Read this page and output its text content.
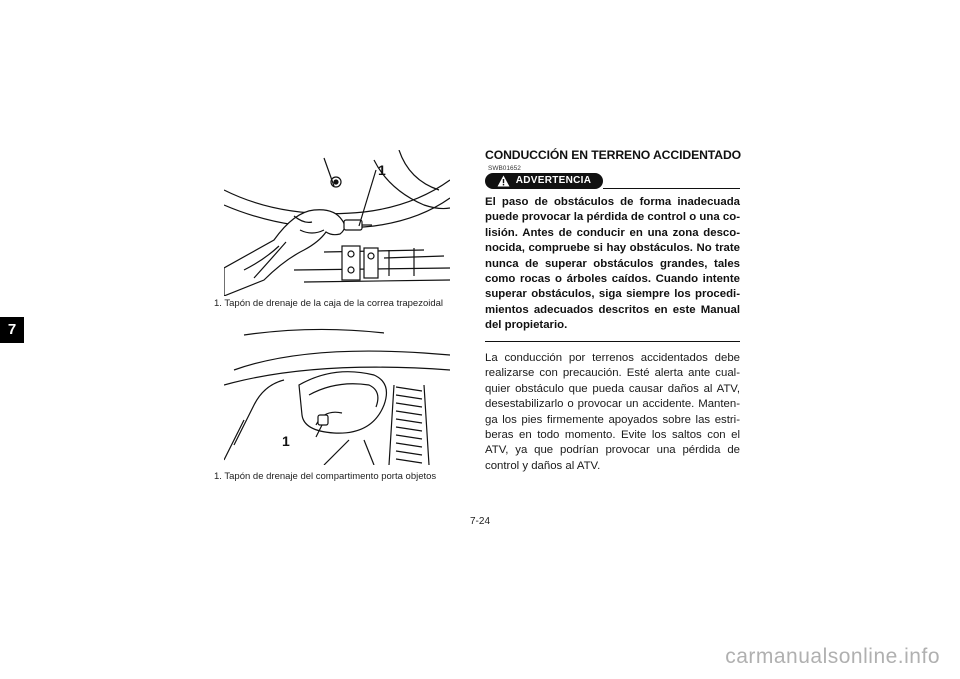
7
1
1. Tapón de drenaje de la caja de la correa trapezoidal
1
1. Tapón de drenaje del compartimento porta objetos
CONDUCCIÓN EN TERRENO ACCIDENTADO
SWB01652
ADVERTENCIA

El paso de obstáculos de forma inadecuada puede provocar la pérdida de control o una co-lisión. Antes de conducir en una zona desco-nocida, compruebe si hay obstáculos. No trate nunca de superar obstáculos grandes, tales como rocas o árboles caídos. Cuando intente superar obstáculos, siga siempre los procedi-mientos adecuados descritos en este Manual del propietario.

La conducción por terrenos accidentados debe realizarse con precaución. Esté alerta ante cual-quier obstáculo que pueda causar daños al ATV, desestabilizarlo o provocar un accidente. Manten-ga los pies firmemente apoyados sobre las estri-beras en todo momento. Evite los saltos con el ATV, ya que podrían provocar una pérdida de control y daños al ATV.

7-24
carmanualsonline.info
